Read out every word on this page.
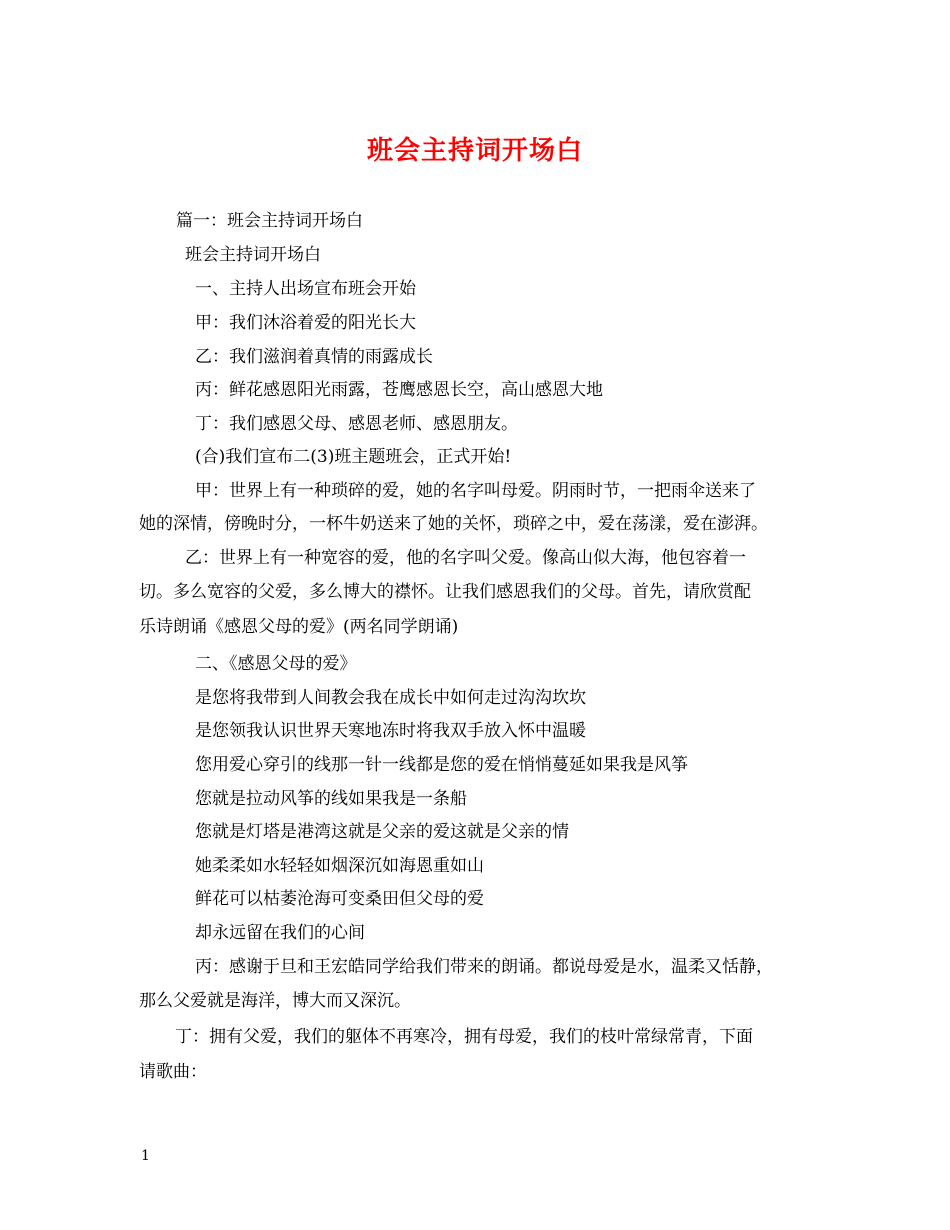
班会主持词开场白

篇一：班会主持词开场白

班会主持词开场白

一、主持人出场宣布班会开始

甲：我们沐浴着爱的阳光长大

乙：我们滋润着真情的雨露成长

丙：鲜花感恩阳光雨露，苍鹰感恩长空，高山感恩大地

丁：我们感恩父母、感恩老师、感恩朋友。

(合)我们宣布二(3)班主题班会，正式开始!

甲：世界上有一种琐碎的爱，她的名字叫母爱。阴雨时节，一把雨伞送来了

她的深情，傍晚时分，一杯牛奶送来了她的关怀，琐碎之中，爱在荡漾，爱在澎湃。

乙：世界上有一种宽容的爱，他的名字叫父爱。像高山似大海，他包容着一

切。多么宽容的父爱，多么博大的襟怀。让我们感恩我们的父母。首先，请欣赏配

乐诗朗诵《感恩父母的爱》(两名同学朗诵)

二、《感恩父母的爱》

是您将我带到人间教会我在成长中如何走过沟沟坎坎

是您领我认识世界天寒地冻时将我双手放入怀中温暖

您用爱心穿引的线那一针一线都是您的爱在悄悄蔓延如果我是风筝

您就是拉动风筝的线如果我是一条船

您就是灯塔是港湾这就是父亲的爱这就是父亲的情

她柔柔如水轻轻如烟深沉如海恩重如山

鲜花可以枯萎沧海可变桑田但父母的爱

却永远留在我们的心间

丙：感谢于旦和王宏皓同学给我们带来的朗诵。都说母爱是水，温柔又恬静，

那么父爱就是海洋，博大而又深沉。

丁：拥有父爱，我们的躯体不再寒冷，拥有母爱，我们的枝叶常绿常青，下面

请歌曲：

1
